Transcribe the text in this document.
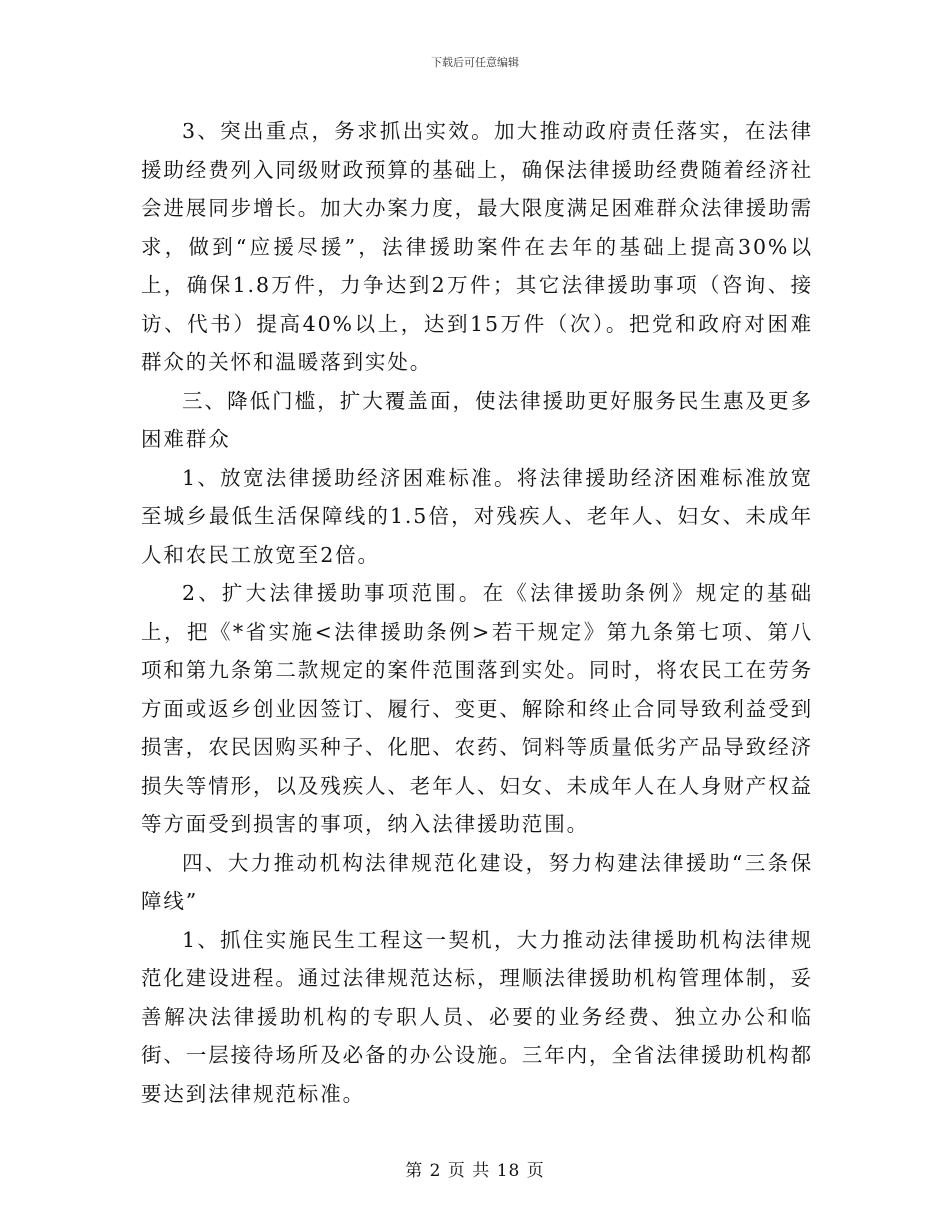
下载后可任意编辑

3、突出重点，务求抓出实效。加大推动政府责任落实，在法律援助经费列入同级财政预算的基础上，确保法律援助经费随着经济社会进展同步增长。加大办案力度，最大限度满足困难群众法律援助需求，做到“应援尽援”，法律援助案件在去年的基础上提高30%以上，确保1.8万件，力争达到2万件；其它法律援助事项（咨询、接访、代书）提高40%以上，达到15万件（次）。把党和政府对困难群众的关怀和温暖落到实处。

三、降低门槛，扩大覆盖面，使法律援助更好服务民生惠及更多困难群众

1、放宽法律援助经济困难标准。将法律援助经济困难标准放宽至城乡最低生活保障线的1.5倍，对残疾人、老年人、妇女、未成年人和农民工放宽至2倍。

2、扩大法律援助事项范围。在《法律援助条例》规定的基础上，把《*省实施<法律援助条例>若干规定》第九条第七项、第八项和第九条第二款规定的案件范围落到实处。同时，将农民工在劳务方面或返乡创业因签订、履行、变更、解除和终止合同导致利益受到损害，农民因购买种子、化肥、农药、饲料等质量低劣产品导致经济损失等情形，以及残疾人、老年人、妇女、未成年人在人身财产权益等方面受到损害的事项，纳入法律援助范围。

四、大力推动机构法律规范化建设，努力构建法律援助“三条保障线”

1、抓住实施民生工程这一契机，大力推动法律援助机构法律规范化建设进程。通过法律规范达标，理顺法律援助机构管理体制，妥善解决法律援助机构的专职人员、必要的业务经费、独立办公和临街、一层接待场所及必备的办公设施。三年内，全省法律援助机构都要达到法律规范标准。

第 2 页 共 18 页
